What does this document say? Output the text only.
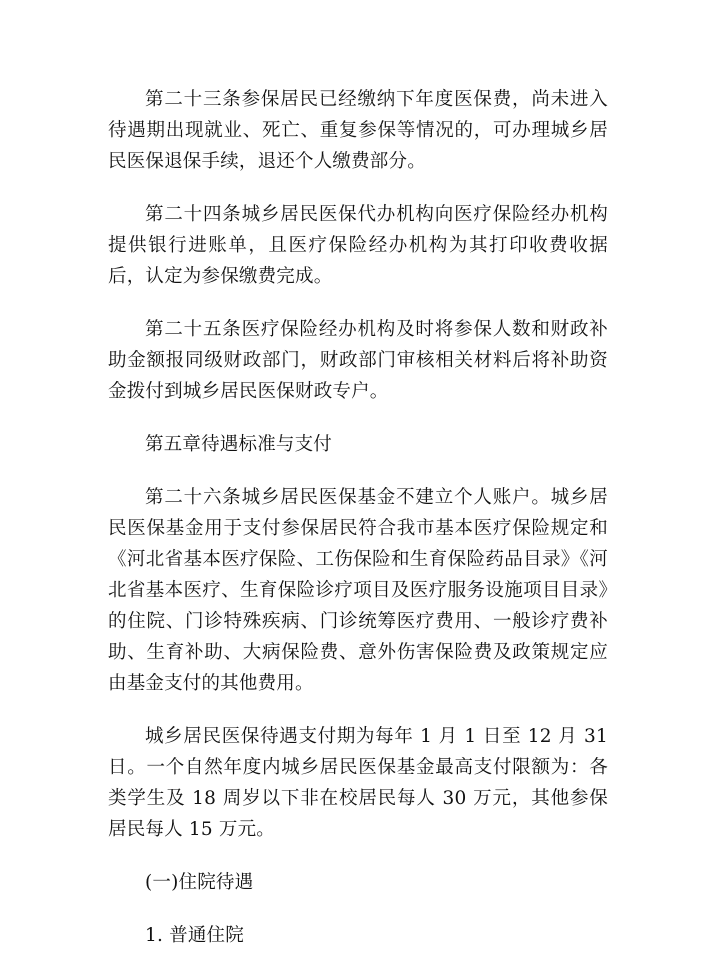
第二十三条参保居民已经缴纳下年度医保费，尚未进入待遇期出现就业、死亡、重复参保等情况的，可办理城乡居民医保退保手续，退还个人缴费部分。

第二十四条城乡居民医保代办机构向医疗保险经办机构提供银行进账单，且医疗保险经办机构为其打印收费收据后，认定为参保缴费完成。

第二十五条医疗保险经办机构及时将参保人数和财政补助金额报同级财政部门，财政部门审核相关材料后将补助资金拨付到城乡居民医保财政专户。

第五章待遇标准与支付

第二十六条城乡居民医保基金不建立个人账户。城乡居民医保基金用于支付参保居民符合我市基本医疗保险规定和《河北省基本医疗保险、工伤保险和生育保险药品目录》《河北省基本医疗、生育保险诊疗项目及医疗服务设施项目目录》的住院、门诊特殊疾病、门诊统筹医疗费用、一般诊疗费补助、生育补助、大病保险费、意外伤害保险费及政策规定应由基金支付的其他费用。

城乡居民医保待遇支付期为每年 1 月 1 日至 12 月 31 日。一个自然年度内城乡居民医保基金最高支付限额为：各类学生及 18 周岁以下非在校居民每人 30 万元，其他参保居民每人 15 万元。

(一)住院待遇

1. 普通住院
